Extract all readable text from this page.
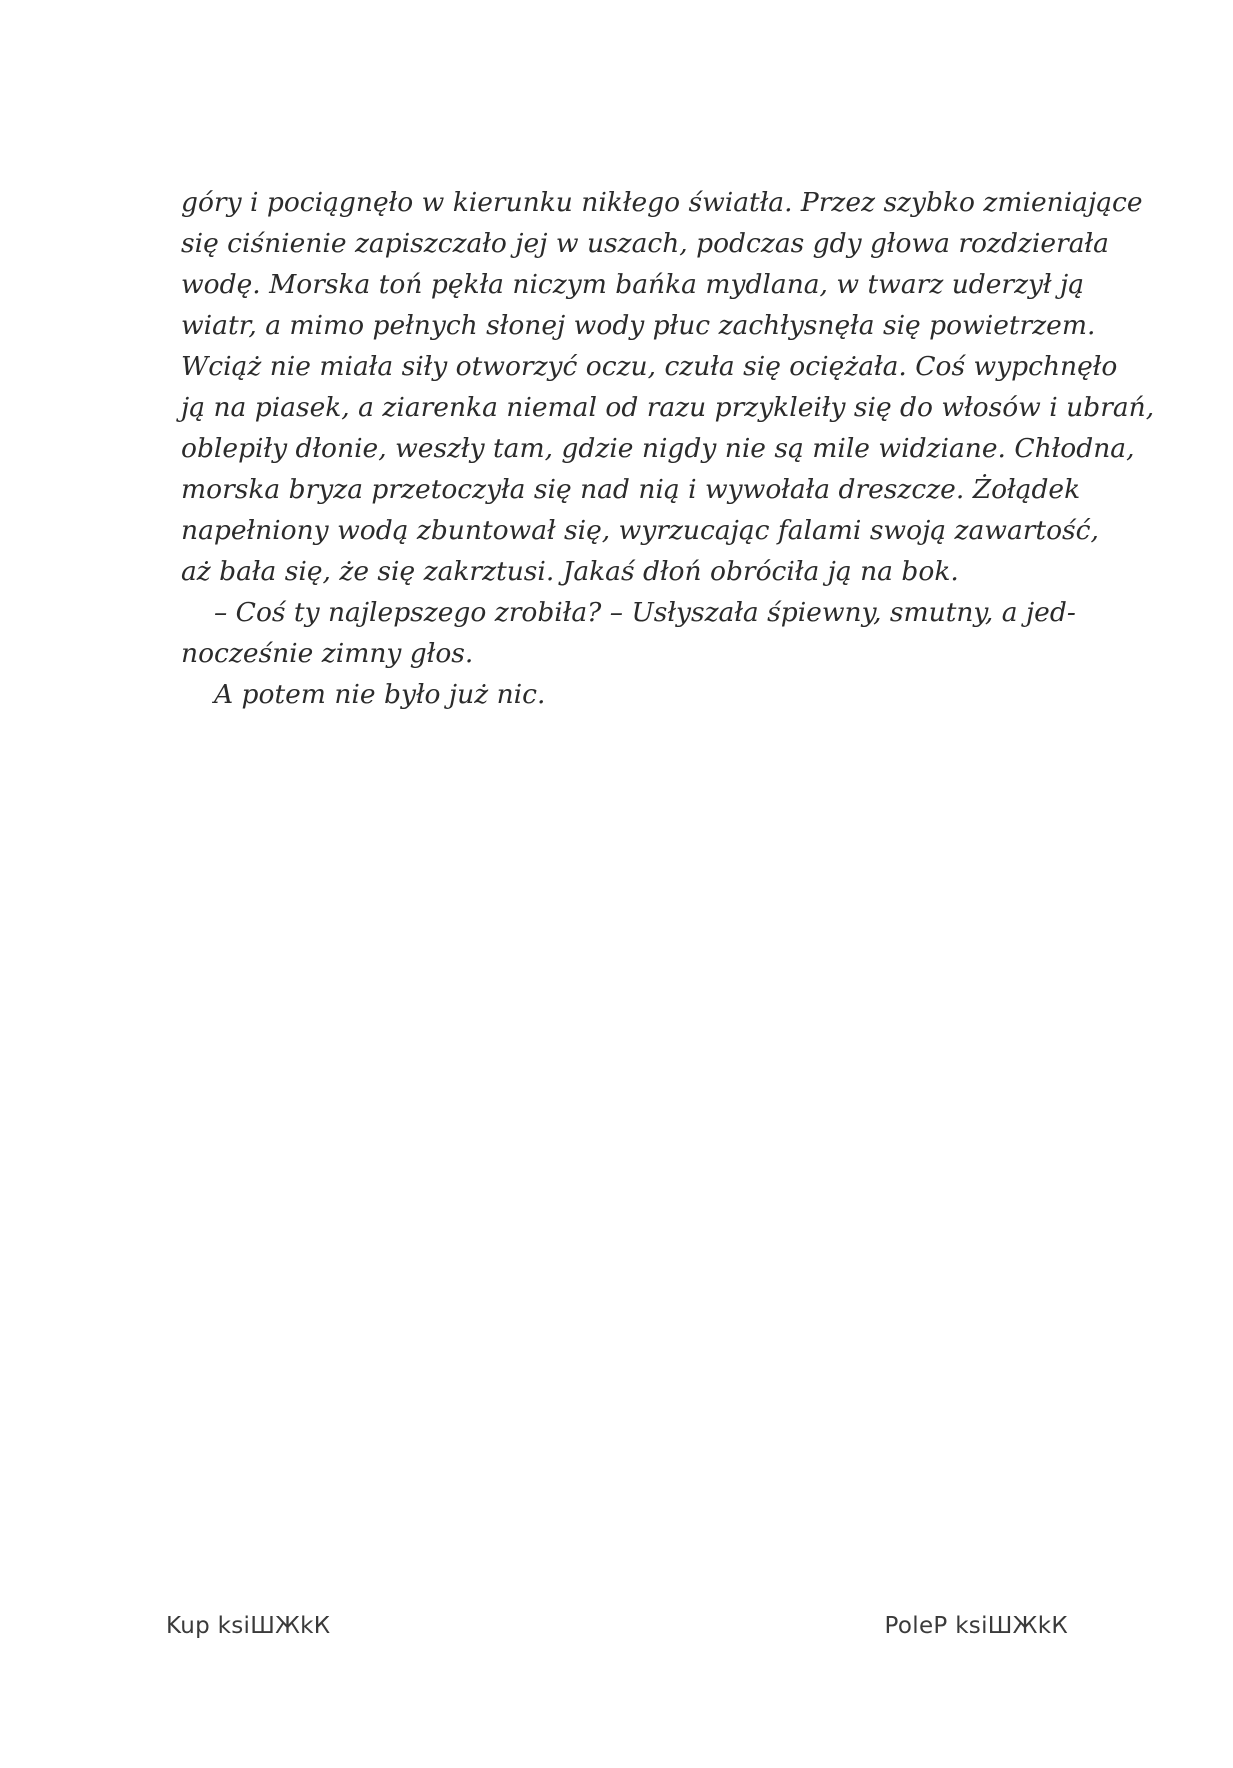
góry i pociągnęło w kierunku nikłego światła. Przez szybko zmieniające
się ciśnienie zapiszczało jej w uszach, podczas gdy głowa rozdzierała
wodę. Morska toń pękła niczym bańka mydlana, w twarz uderzył ją
wiatr, a mimo pełnych słonej wody płuc zachłysnęła się powietrzem.
Wciąż nie miała siły otworzyć oczu, czuła się ociężała. Coś wypchnęło
ją na piasek, a ziarenka niemal od razu przykleiły się do włosów i ubrań,
oblepiły dłonie, weszły tam, gdzie nigdy nie są mile widziane. Chłodna,
morska bryza przetoczyła się nad nią i wywołała dreszcze. Żołądek
napełniony wodą zbuntował się, wyrzucając falami swoją zawartość,
aż bała się, że się zakrztusi. Jakaś dłoń obróciła ją na bok.
– Coś ty najlepszego zrobiła? – Usłyszała śpiewny, smutny, a jed-
nocześnie zimny głos.
A potem nie było już nic.
Kup ksiШЖkК	PoleР ksiШЖkК
